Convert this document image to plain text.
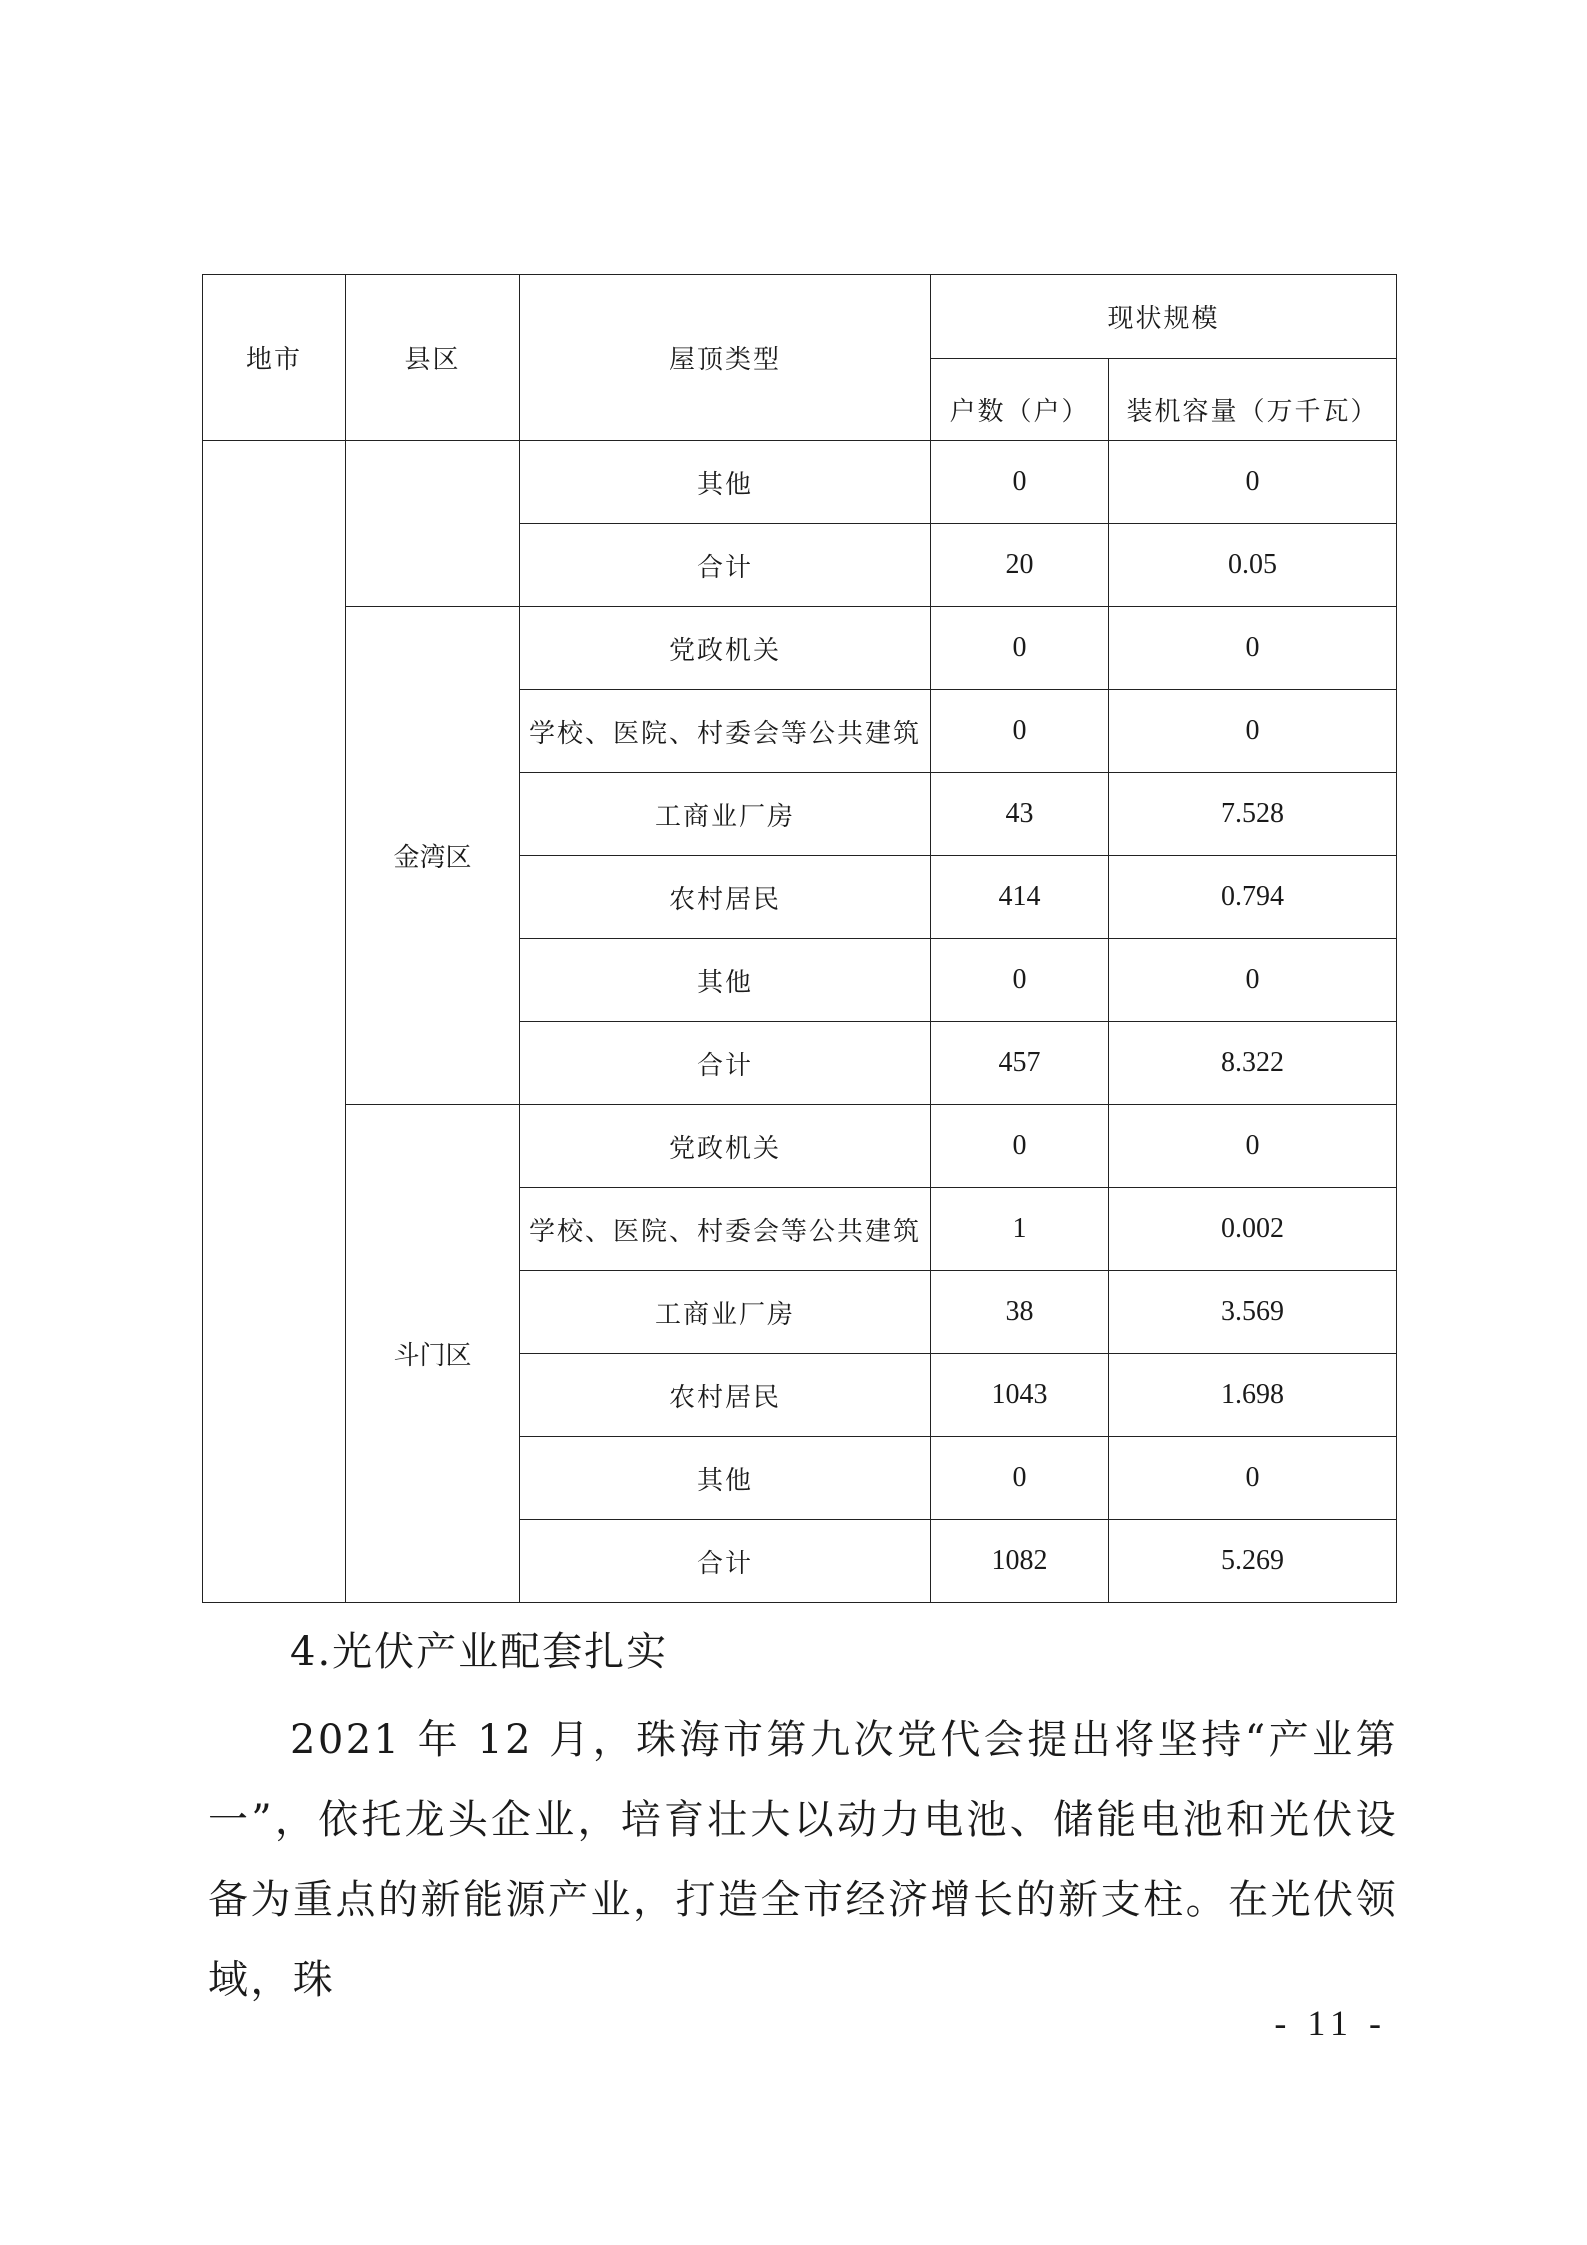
地市	县区	屋顶类型	现状规模	
			户数（户）	装机容量（万千瓦）
		其他	0	0
		合计	20	0.05
	金湾区	党政机关	0	0
		学校、医院、村委会等公共建筑	0	0
		工商业厂房	43	7.528
		农村居民	414	0.794
		其他	0	0
		合计	457	8.322
	斗门区	党政机关	0	0
		学校、医院、村委会等公共建筑	1	0.002
		工商业厂房	38	3.569
		农村居民	1043	1.698
		其他	0	0
		合计	1082	5.269
4.光伏产业配套扎实

2021 年 12 月，珠海市第九次党代会提出将坚持“产业第一”，依托龙头企业，培育壮大以动力电池、储能电池和光伏设备为重点的新能源产业，打造全市经济增长的新支柱。在光伏领域，珠

- 11 -
